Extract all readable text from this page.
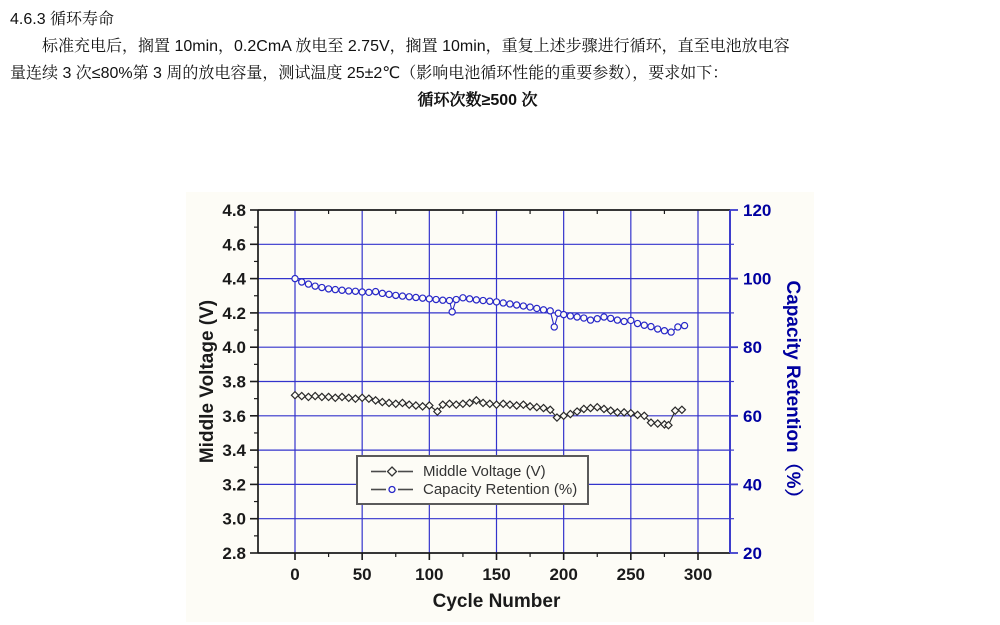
4.6.3 循环寿命
标准充电后，搁置 10min，0.2CmA 放电至 2.75V，搁置 10min，重复上述步骤进行循环，直至电池放电容
量连续 3 次≤80%第 3 周的放电容量，测试温度 25±2℃（影响电池循环性能的重要参数），要求如下：
循环次数≥500 次
2.8
3.0
3.2
3.4
3.6
3.8
4.0
4.2
4.4
4.6
4.8
20
40
60
80
100
120
0	50	100 150 200 250 300
Middle Voltage (V)	Capacity Retention（%）
Cycle Number
Middle Voltage (V)
Capacity Retention (%)
